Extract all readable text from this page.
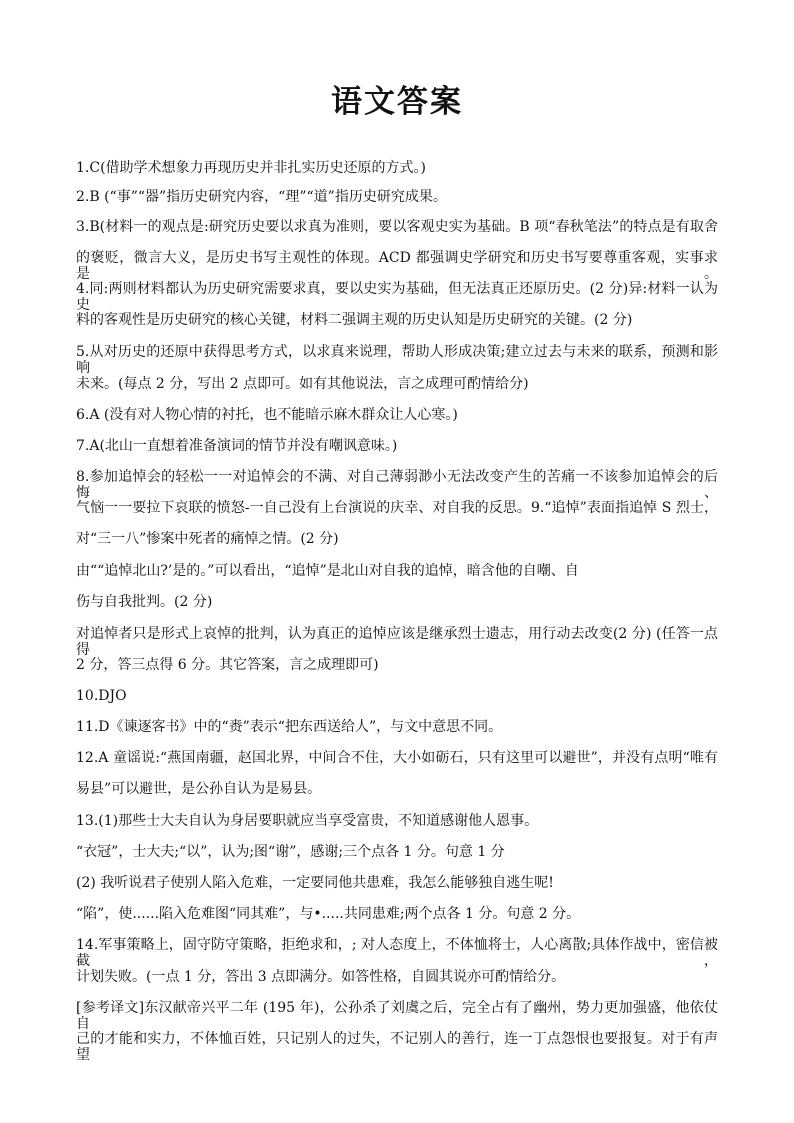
语文答案
1.C(借助学术想象力再现历史并非扎实历史还原的方式。)
2.B (“事”“器”指历史研究内容，“理”“道”指历史研究成果。
3.B(材料一的观点是:研究历史要以求真为准则，要以客观史实为基础。B 项“春秋笔法”的特点是有取舍
的褒贬，微言大义，是历史书写主观性的体现。ACD 都强调史学研究和历史书写要尊重客观，实事求是。
4.同:两则材料都认为历史研究需要求真，要以史实为基础，但无法真正还原历史。(2 分)异:材料一认为史
料的客观性是历史研究的核心关键，材料二强调主观的历史认知是历史研究的关键。(2 分)
5.从对历史的还原中获得思考方式，以求真来说理，帮助人形成决策;建立过去与未来的联系，预测和影响
未来。(每点 2 分，写出 2 点即可。如有其他说法，言之成理可酌情给分)
6.A (没有对人物心情的衬托，也不能暗示麻木群众让人心寒。)
7.A(北山一直想着准备演词的情节并没有嘲讽意味。)
8.参加追悼会的轻松一一对追悼会的不满、对自己薄弱渺小无法改变产生的苦痛一不该参加追悼会的后悔、
气恼一一要拉下哀联的愤怒-一自己没有上台演说的庆幸、对自我的反思。9.“追悼”表面指追悼 S 烈士，
对“三一八”惨案中死者的痛悼之情。(2 分)
由““追悼北山?’是的。”可以看出，“追悼”是北山对自我的追悼，暗含他的自嘲、自
伤与自我批判。(2 分)
对追悼者只是形式上哀悼的批判，认为真正的追悼应该是继承烈士遗志，用行动去改变(2 分) (任答一点得
2 分，答三点得 6 分。其它答案，言之成理即可)
10.DJO
11.D《谏逐客书》中的“赉”表示“把东西送给人”，与文中意思不同。
12.A 童谣说:“燕国南疆，赵国北界，中间合不住，大小如砺石，只有这里可以避世”，并没有点明“唯有
易县”可以避世，是公孙自认为是易县。
13.(1)那些士大夫自认为身居要职就应当享受富贵，不知道感谢他人恩事。
“衣冠”，士大夫;“以”，认为;图“谢”，感谢;三个点各 1 分。句意 1 分
(2) 我听说君子使别人陷入危难，一定要同他共患难，我怎么能够独自逃生呢!
“陷”，使......陷入危难图“同其难”，与•.....共同患难;两个点各 1 分。句意 2 分。
14.军事策略上，固守防守策略，拒绝求和，; 对人态度上，不体恤将士，人心离散;具体作战中，密信被截，
计划失败。(一点 1 分，答出 3 点即满分。如答性格，自圆其说亦可酌情给分。
[参考译文]东汉献帝兴平二年 (195 年)，公孙杀了刘虞之后，完全占有了幽州，势力更加强盛，他依仗自
己的才能和实力，不体恤百姓，只记别人的过失，不记别人的善行，连一丁点怨恨也要报复。对于有声望
